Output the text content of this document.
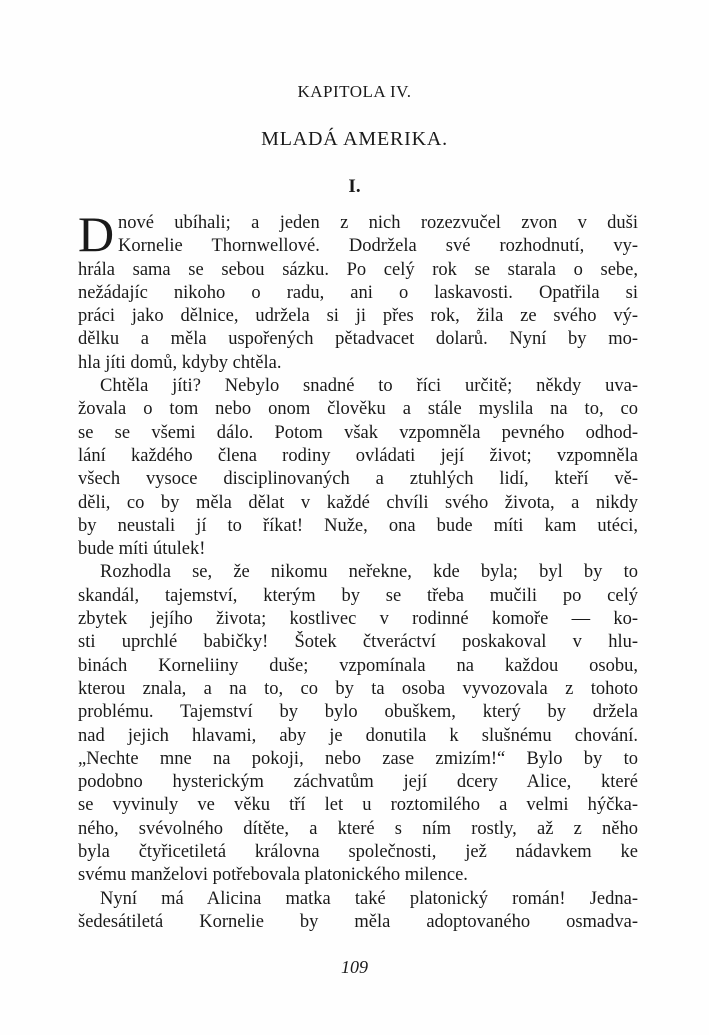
KAPITOLA IV.
MLADÁ AMERIKA.
I.
D nové ubíhali; a jeden z nich rozezvučel zvon v duši
Kornelie Thornwellové. Dodržela své rozhodnutí, vy-
hrála sama se sebou sázku. Po celý rok se starala o sebe,
nežádajíc nikoho o radu, ani o laskavosti. Opatřila si
práci jako dělnice, udržela si ji přes rok, žila ze svého vý-
dělku a měla uspořených pětadvacet dolarů. Nyní by mo-
hla jíti domů, kdyby chtěla.
Chtěla jíti? Nebylo snadné to říci určitě; někdy uva-
žovala o tom nebo onom člověku a stále myslila na to, co
se se všemi dálo. Potom však vzpomněla pevného odhod-
lání každého člena rodiny ovládati její život; vzpomněla
všech vysoce disciplinovaných a ztuhlých lidí, kteří vě-
děli, co by měla dělat v každé chvíli svého života, a nikdy
by neustali jí to říkat! Nuže, ona bude míti kam utéci,
bude míti útulek!
Rozhodla se, že nikomu neřekne, kde byla; byl by to
skandál, tajemství, kterým by se třeba mučili po celý
zbytek jejího života; kostlivec v rodinné komoře — ko-
sti uprchlé babičky! Šotek čtveráctví poskakoval v hlu-
binách Korneliiny duše; vzpomínala na každou osobu,
kterou znala, a na to, co by ta osoba vyvozovala z tohoto
problému. Tajemství by bylo obuškem, který by držela
nad jejich hlavami, aby je donutila k slušnému chování.
„Nechte mne na pokoji, nebo zase zmizím!“ Bylo by to
podobno hysterickým záchvatům její dcery Alice, které
se vyvinuly ve věku tří let u roztomilého a velmi hýčka-
ného, svévolného dítěte, a které s ním rostly, až z něho
byla čtyřicetiletá královna společnosti, jež nádavkem ke
svému manželovi potřebovala platonického milence.
Nyní má Alicina matka také platonický román! Jedna-
šedesátiletá Kornelie by měla adoptovaného osmadva-
109
